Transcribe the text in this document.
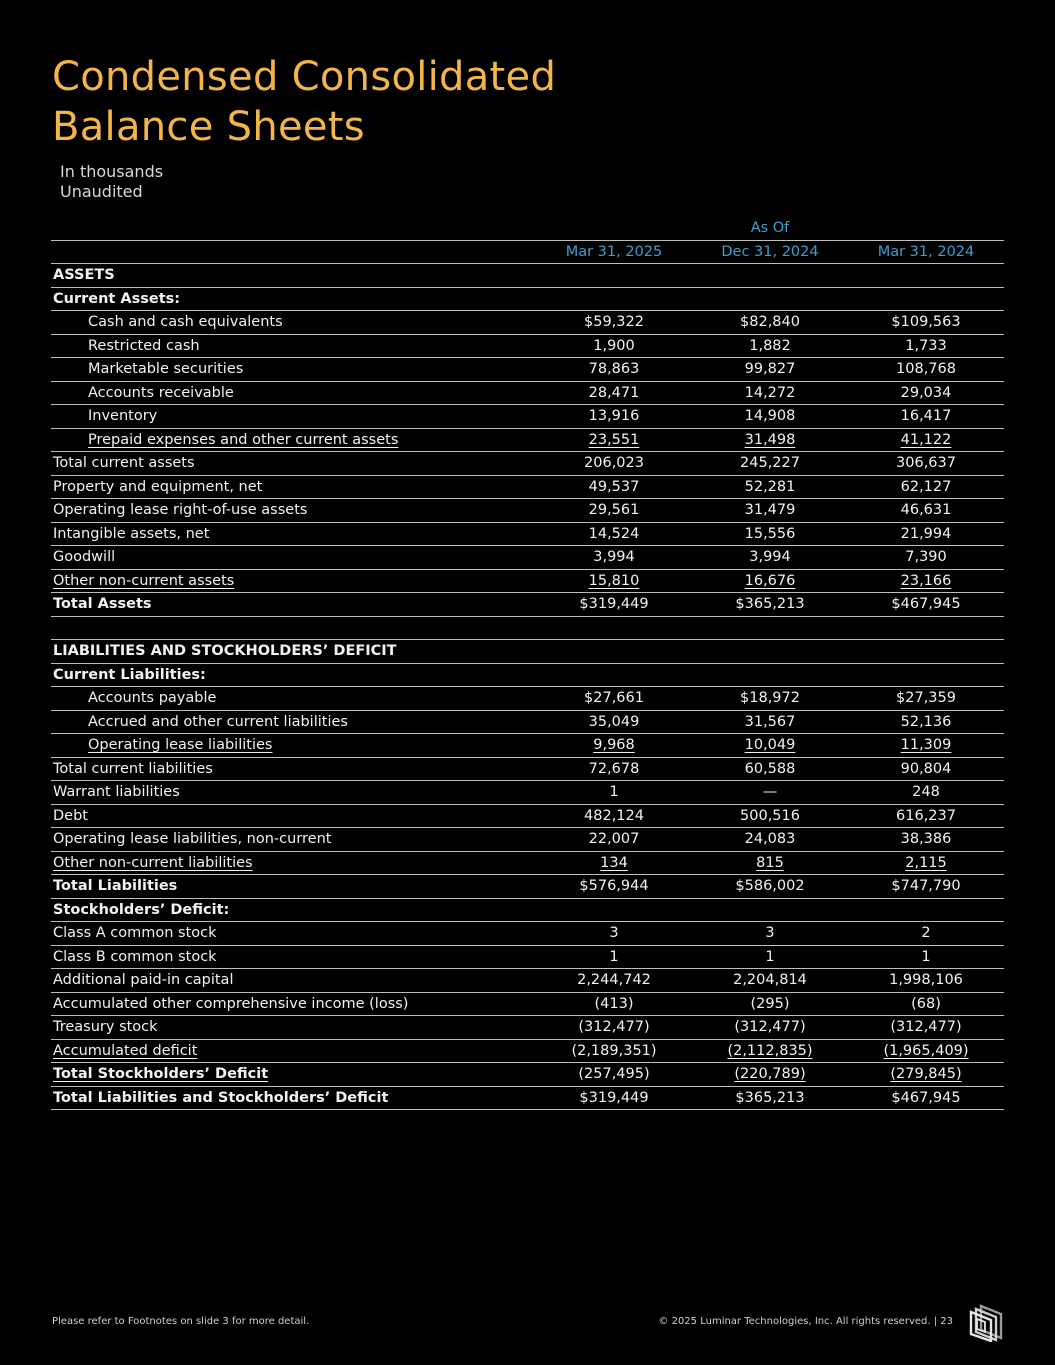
Condensed Consolidated
Balance Sheets
In thousands
Unaudited
	As Of		
	Mar 31, 2025	Dec 31, 2024	Mar 31, 2024
ASSETS			
Current Assets:			
Cash and cash equivalents	$59,322	$82,840	$109,563
Restricted cash	1,900	1,882	1,733
Marketable securities	78,863	99,827	108,768
Accounts receivable	28,471	14,272	29,034
Inventory	13,916	14,908	16,417
Prepaid expenses and other current assets	23,551	31,498	41,122
Total current assets	206,023	245,227	306,637
Property and equipment, net	49,537	52,281	62,127
Operating lease right-of-use assets	29,561	31,479	46,631
Intangible assets, net	14,524	15,556	21,994
Goodwill	3,994	3,994	7,390
Other non-current assets	15,810	16,676	23,166
Total Assets	$319,449	$365,213	$467,945

LIABILITIES AND STOCKHOLDERS’ DEFICIT			
Current Liabilities:			
Accounts payable	$27,661	$18,972	$27,359
Accrued and other current liabilities	35,049	31,567	52,136
Operating lease liabilities	9,968	10,049	11,309
Total current liabilities	72,678	60,588	90,804
Warrant liabilities	1	—	248
Debt	482,124	500,516	616,237
Operating lease liabilities, non-current	22,007	24,083	38,386
Other non-current liabilities	134	815	2,115
Total Liabilities	$576,944	$586,002	$747,790
Stockholders’ Deficit:			
Class A common stock	3	3	2
Class B common stock	1	1	1
Additional paid-in capital	2,244,742	2,204,814	1,998,106
Accumulated other comprehensive income (loss)	(413)	(295)	(68)
Treasury stock	(312,477)	(312,477)	(312,477)
Accumulated deficit	(2,189,351)	(2,112,835)	(1,965,409)
Total Stockholders’ Deficit	(257,495)	(220,789)	(279,845)
Total Liabilities and Stockholders’ Deficit	$319,449	$365,213	$467,945
Please refer to Footnotes on slide 3 for more detail.	© 2025 Luminar Technologies, Inc. All rights reserved. | 23
